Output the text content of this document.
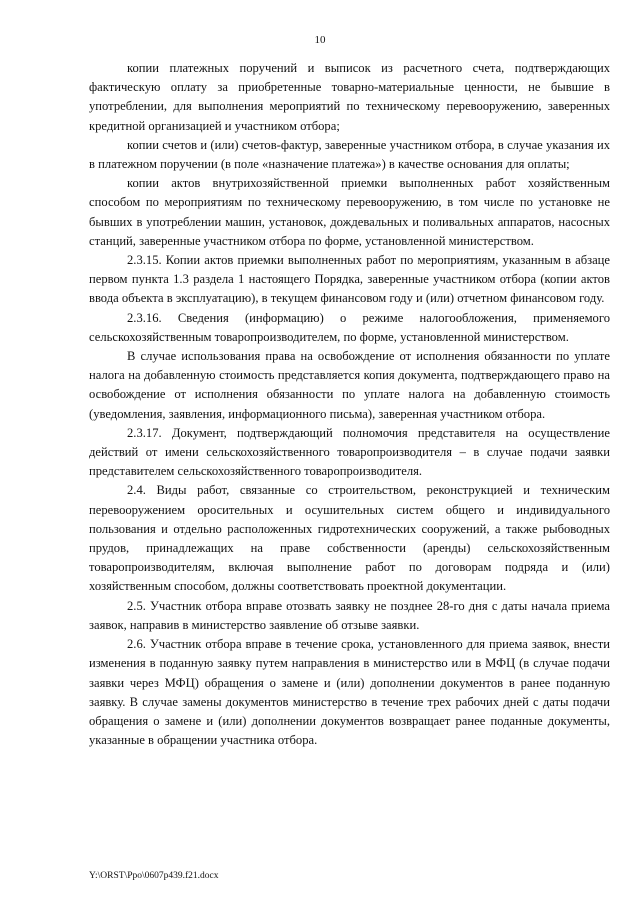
10

копии платежных поручений и выписок из расчетного счета, подтверждающих фактическую оплату за приобретенные товарно-материальные ценности, не бывшие в употреблении, для выполнения мероприятий по техническому перевооружению, заверенных кредитной организацией и участником отбора;

копии счетов и (или) счетов-фактур, заверенные участником отбора, в случае указания их в платежном поручении (в поле «назначение платежа») в качестве основания для оплаты;

копии актов внутрихозяйственной приемки выполненных работ хозяйственным способом по мероприятиям по техническому перевооружению, в том числе по установке не бывших в употреблении машин, установок, дождевальных и поливальных аппаратов, насосных станций, заверенные участником отбора по форме, установленной министерством.

2.3.15. Копии актов приемки выполненных работ по мероприятиям, указанным в абзаце первом пункта 1.3 раздела 1 настоящего Порядка, заверенные участником отбора (копии актов ввода объекта в эксплуатацию), в текущем финансовом году и (или) отчетном финансовом году.

2.3.16. Сведения (информацию) о режиме налогообложения, применяемого сельскохозяйственным товаропроизводителем, по форме, установленной министерством.

В случае использования права на освобождение от исполнения обязанности по уплате налога на добавленную стоимость представляется копия документа, подтверждающего право на освобождение от исполнения обязанности по уплате налога на добавленную стоимость (уведомления, заявления, информационного письма), заверенная участником отбора.

2.3.17. Документ, подтверждающий полномочия представителя на осуществление действий от имени сельскохозяйственного товаропроизводителя – в случае подачи заявки представителем сельскохозяйственного товаропроизводителя.

2.4. Виды работ, связанные со строительством, реконструкцией и техническим перевооружением оросительных и осушительных систем общего и индивидуального пользования и отдельно расположенных гидротехнических сооружений, а также рыбоводных прудов, принадлежащих на праве собственности (аренды) сельскохозяйственным товаропроизводителям, включая выполнение работ по договорам подряда и (или) хозяйственным способом, должны соответствовать проектной документации.

2.5. Участник отбора вправе отозвать заявку не позднее 28-го дня с даты начала приема заявок, направив в министерство заявление об отзыве заявки.

2.6. Участник отбора вправе в течение срока, установленного для приема заявок, внести изменения в поданную заявку путем направления в министерство или в МФЦ (в случае подачи заявки через МФЦ) обращения о замене и (или) дополнении документов в ранее поданную заявку. В случае замены документов министерство в течение трех рабочих дней с даты подачи обращения о замене и (или) дополнении документов возвращает ранее поданные документы, указанные в обращении участника отбора.

Y:\ORST\Ppo\0607p439.f21.docx
